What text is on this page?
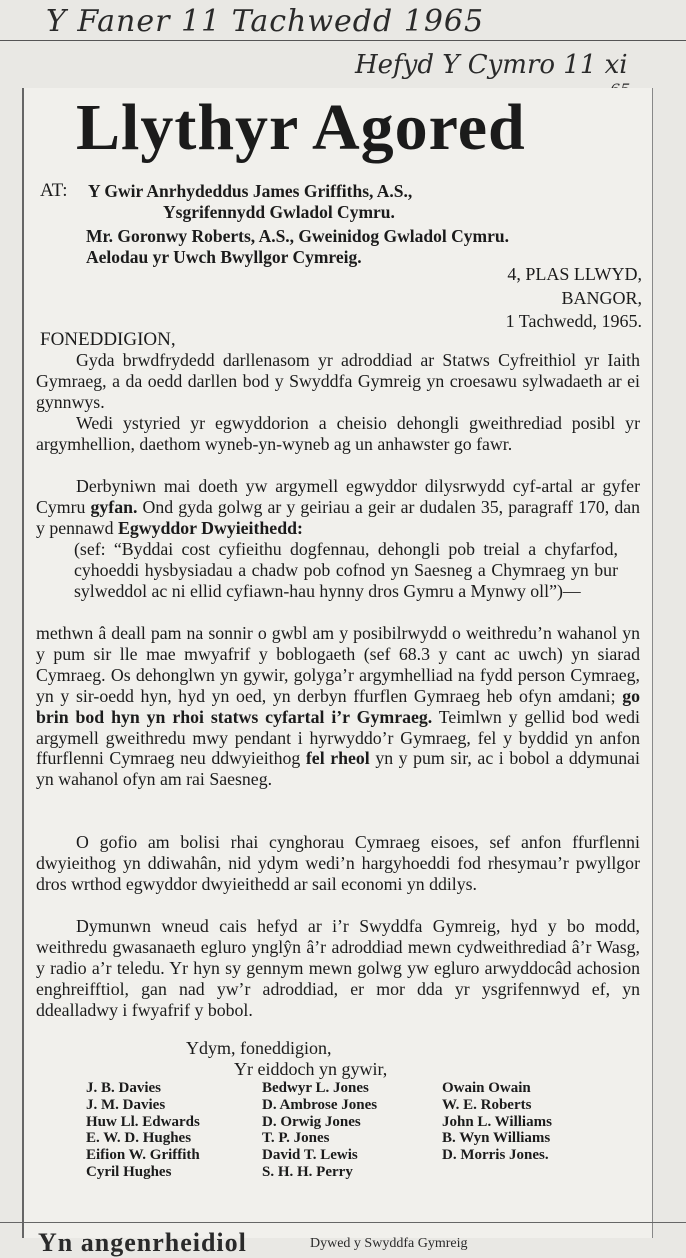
Y Faner 11 Tachwedd 1965
Hefyd Y Cymro 11 xi
Llythyr Agored
AT: Y Gwir Anrhydeddus James Griffiths, A.S.,
Ysgrifennydd Gwladol Cymru.
Mr. Goronwy Roberts, A.S., Gweinidog Gwladol Cymru.
Aelodau yr Uwch Bwyllgor Cymreig.
4, PLAS LLWYD,
BANGOR,
1 Tachwedd, 1965.
FONEDDIGION,

Gyda brwdfrydedd darllenasom yr adroddiad ar Statws Cyfreithiol yr Iaith Gymraeg, a da oedd darllen bod y Swyddfa Gymreig yn croesawu sylwadaeth ar ei gynnwys.

Wedi ystyried yr egwyddorion a cheisio dehongli gweithrediad posibl yr argymhellion, daethom wyneb-yn-wyneb ag un anhawster go fawr.

Derbyniwn mai doeth yw argymell egwyddor dilysrwydd cyf-artal ar gyfer Cymru gyfan. Ond gyda golwg ar y geiriau a geir ar dudalen 35, paragraff 170, dan y pennawd Egwyddor Dwyieithedd:

(sef: “Byddai cost cyfieithu dogfennau, dehongli pob treial a chyfarfod, cyhoeddi hysbysiadau a chadw pob cofnod yn Saesneg a Chymraeg yn bur sylweddol ac ni ellid cyfiawn-hau hynny dros Gymru a Mynwy oll”)—

methwn â deall pam na sonnir o gwbl am y posibilrwydd o weithredu’n wahanol yn y pum sir lle mae mwyafrif y boblogaeth (sef 68.3 y cant ac uwch) yn siarad Cymraeg. Os dehonglwn yn gywir, golyga’r argymhelliad na fydd person Cymraeg, yn y sir-oedd hyn, hyd yn oed, yn derbyn ffurflen Gymraeg heb ofyn amdani; go brin bod hyn yn rhoi statws cyfartal i’r Gymraeg. Teimlwn y gellid bod wedi argymell gweithredu mwy pendant i hyrwyddo’r Gymraeg, fel y byddid yn anfon ffurflenni Cymraeg neu ddwyieithog fel rheol yn y pum sir, ac i bobol a ddymunai yn wahanol ofyn am rai Saesneg.

O gofio am bolisi rhai cynghorau Cymraeg eisoes, sef anfon ffurflenni dwyieithog yn ddiwahân, nid ydym wedi’n hargyhoeddi fod rhesymau’r pwyllgor dros wrthod egwyddor dwyieithedd ar sail economi yn ddilys.

Dymunwn wneud cais hefyd ar i’r Swyddfa Gymreig, hyd y bo modd, weithredu gwasanaeth egluro ynglŷn â’r adroddiad mewn cydweithrediad â’r Wasg, y radio a’r teledu. Yr hyn sy gennym mewn golwg yw egluro arwyddocâd achosion enghreifftiol, gan nad yw’r adroddiad, er mor dda yr ysgrifennwyd ef, yn ddealladwy i fwyafrif y bobol.

Ydym, foneddigion,
Yr eiddoch yn gywir,
J. B. Davies
J. M. Davies
Huw Ll. Edwards
E. W. D. Hughes
Eifion W. Griffith
Cyril Hughes
Bedwyr L. Jones
D. Ambrose Jones
D. Orwig Jones
T. P. Jones
David T. Lewis
S. H. H. Perry
Owain Owain
W. E. Roberts
John L. Williams
B. Wyn Williams
D. Morris Jones.
Yn angenrheidiol	Dywed y Swyddfa Gymreig
